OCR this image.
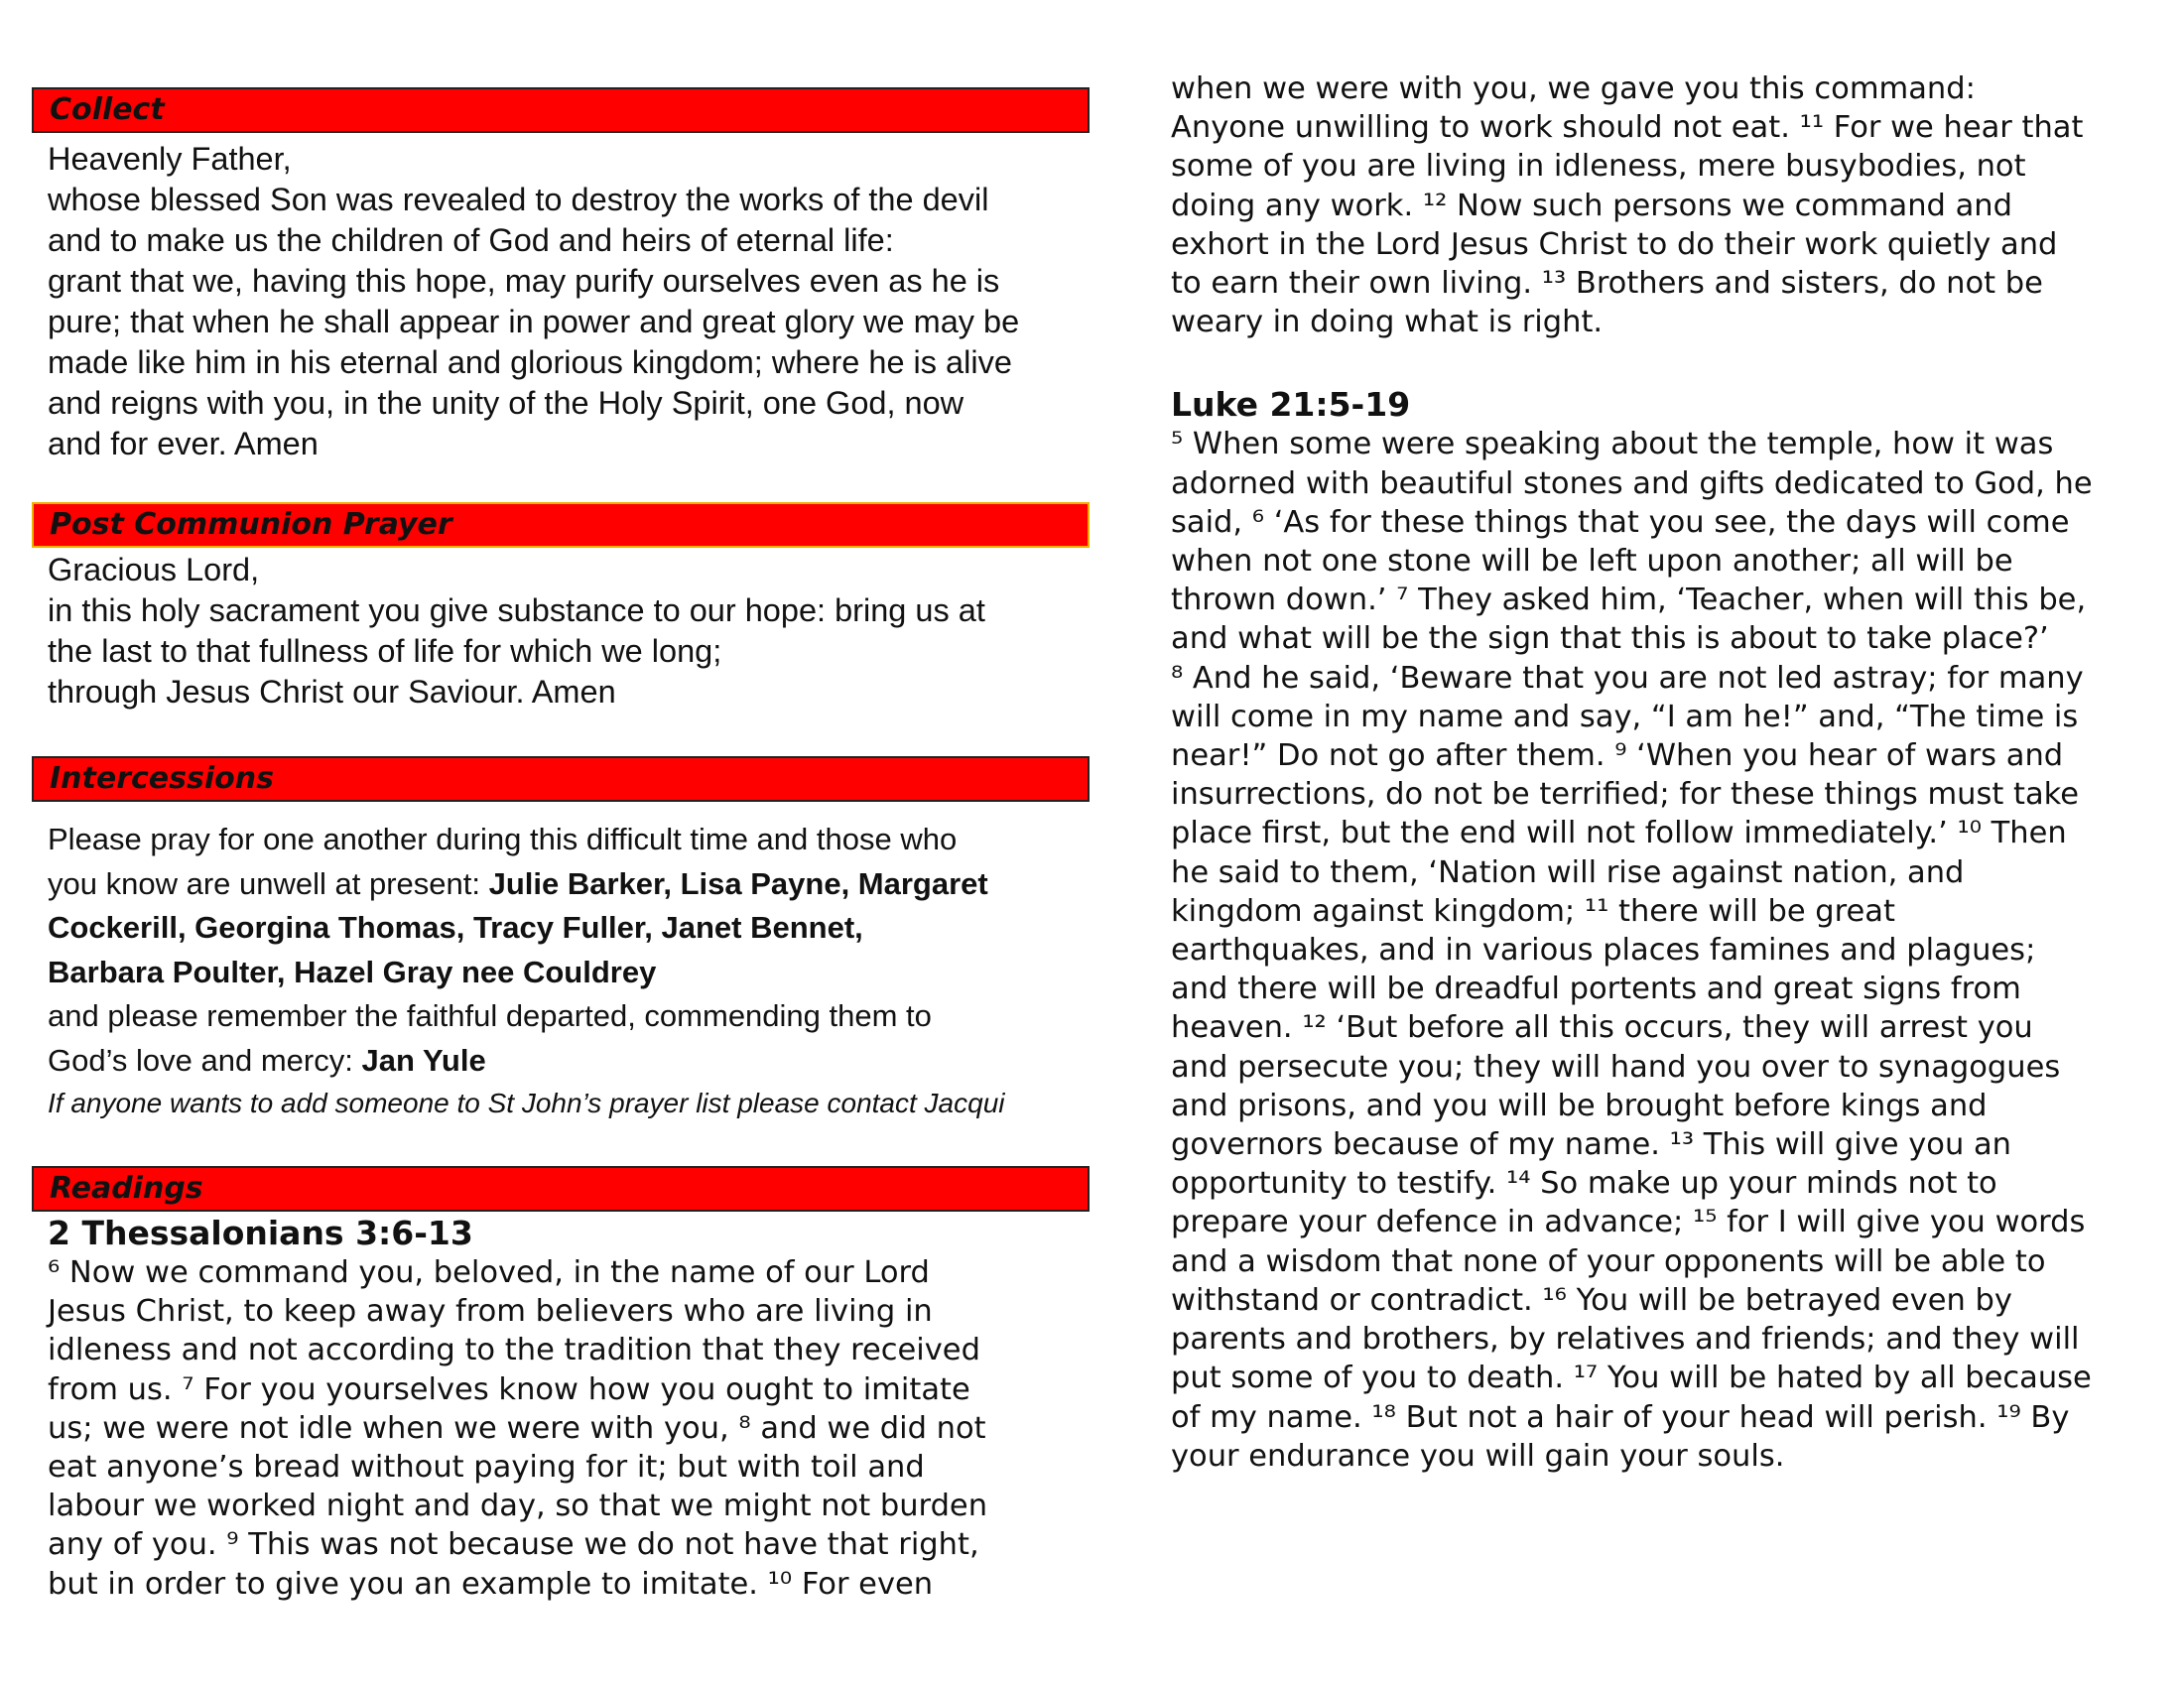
Collect

Heavenly Father,

whose blessed Son was revealed to destroy the works of the devil

and to make us the children of God and heirs of eternal life:

grant that we, having this hope, may purify ourselves even as he is

pure; that when he shall appear in power and great glory we may be

made like him in his eternal and glorious kingdom; where he is alive

and reigns with you, in the unity of the Holy Spirit, one God, now

and for ever. Amen

Post Communion Prayer

Gracious Lord,

in this holy sacrament you give substance to our hope: bring us at

the last to that fullness of life for which we long;

through Jesus Christ our Saviour. Amen

Intercessions

Please pray for one another during this difficult time and those who

you know are unwell at present: Julie Barker, Lisa Payne, Margaret

Cockerill, Georgina Thomas, Tracy Fuller, Janet Bennet,

Barbara Poulter, Hazel Gray nee Couldrey

and please remember the faithful departed, commending them to

God’s love and mercy: Jan Yule

If anyone wants to add someone to St John’s prayer list please contact Jacqui

Readings
2 Thessalonians 3:6-13

⁶ Now we command you, beloved, in the name of our Lord

Jesus Christ, to keep away from believers who are living in

idleness and not according to the tradition that they received

from us. ⁷ For you yourselves know how you ought to imitate

us; we were not idle when we were with you, ⁸ and we did not

eat anyone’s bread without paying for it; but with toil and

labour we worked night and day, so that we might not burden

any of you. ⁹ This was not because we do not have that right,

but in order to give you an example to imitate. ¹⁰ For even

when we were with you, we gave you this command:

Anyone unwilling to work should not eat. ¹¹ For we hear that

some of you are living in idleness, mere busybodies, not

doing any work. ¹² Now such persons we command and

exhort in the Lord Jesus Christ to do their work quietly and

to earn their own living. ¹³ Brothers and sisters, do not be

weary in doing what is right.

Luke 21:5-19

⁵ When some were speaking about the temple, how it was

adorned with beautiful stones and gifts dedicated to God, he

said, ⁶ ‘As for these things that you see, the days will come

when not one stone will be left upon another; all will be

thrown down.’ ⁷ They asked him, ‘Teacher, when will this be,

and what will be the sign that this is about to take place?’

⁸ And he said, ‘Beware that you are not led astray; for many

will come in my name and say, “I am he!” and, “The time is

near!” Do not go after them. ⁹ ‘When you hear of wars and

insurrections, do not be terrified; for these things must take

place first, but the end will not follow immediately.’ ¹⁰ Then

he said to them, ‘Nation will rise against nation, and

kingdom against kingdom; ¹¹ there will be great

earthquakes, and in various places famines and plagues;

and there will be dreadful portents and great signs from

heaven. ¹² ‘But before all this occurs, they will arrest you

and persecute you; they will hand you over to synagogues

and prisons, and you will be brought before kings and

governors because of my name. ¹³ This will give you an

opportunity to testify. ¹⁴ So make up your minds not to

prepare your defence in advance; ¹⁵ for I will give you words

and a wisdom that none of your opponents will be able to

withstand or contradict. ¹⁶ You will be betrayed even by

parents and brothers, by relatives and friends; and they will

put some of you to death. ¹⁷ You will be hated by all because

of my name. ¹⁸ But not a hair of your head will perish. ¹⁹ By

your endurance you will gain your souls.
